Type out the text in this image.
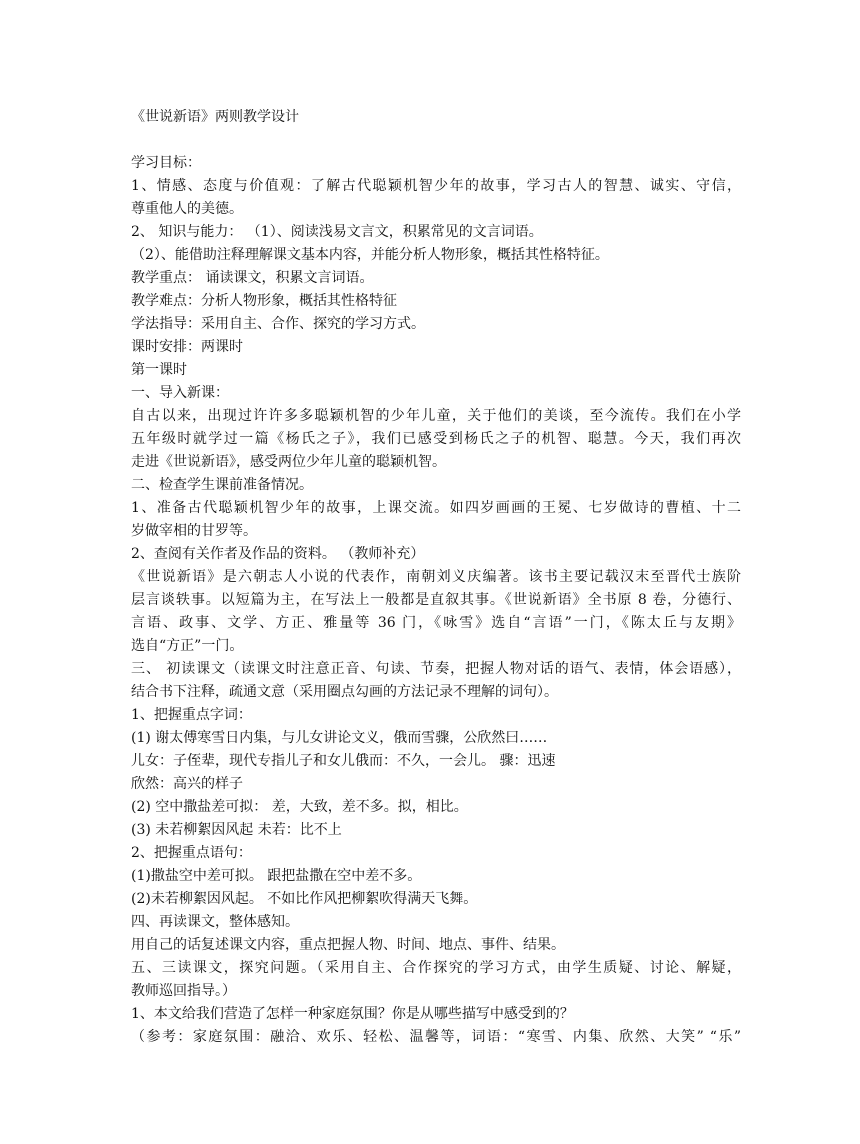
《世说新语》两则教学设计
学习目标：
1、情感、态度与价值观：了解古代聪颖机智少年的故事，学习古人的智慧、诚实、守信，
尊重他人的美德。
2、 知识与能力： （1）、阅读浅易文言文，积累常见的文言词语。
（2）、能借助注释理解课文基本内容，并能分析人物形象，概括其性格特征。
教学重点： 诵读课文，积累文言词语。
教学难点：分析人物形象，概括其性格特征
学法指导：采用自主、合作、探究的学习方式。
课时安排：两课时
第一课时
一、导入新课：
自古以来，出现过许许多多聪颖机智的少年儿童，关于他们的美谈，至今流传。我们在小学
五年级时就学过一篇《杨氏之子》，我们已感受到杨氏之子的机智、聪慧。今天，我们再次
走进《世说新语》，感受两位少年儿童的聪颖机智。
二、检查学生课前准备情况。
1、准备古代聪颖机智少年的故事，上课交流。如四岁画画的王冕、七岁做诗的曹植、十二
岁做宰相的甘罗等。
2、查阅有关作者及作品的资料。 （教师补充）
《世说新语》是六朝志人小说的代表作，南朝刘义庆编著。该书主要记载汉末至晋代士族阶
层言谈轶事。以短篇为主，在写法上一般都是直叙其事。《世说新语》全书原 8 卷，分德行、
言语、政事、文学、方正、雅量等 36 门，《咏雪》选自“言语”一门，《陈太丘与友期》
选自“方正”一门。
三、 初读课文（读课文时注意正音、句读、节奏，把握人物对话的语气、表情，体会语感），
结合书下注释，疏通文意（采用圈点勾画的方法记录不理解的词句）。
1、把握重点字词：
(1) 谢太傅寒雪日内集，与儿女讲论文义，俄而雪骤，公欣然曰……
儿女：子侄辈，现代专指儿子和女儿俄而：不久，一会儿。 骤：迅速
欣然：高兴的样子
(2) 空中撒盐差可拟： 差，大致，差不多。拟，相比。
(3) 未若柳絮因风起 未若：比不上
2、把握重点语句：
(1)撒盐空中差可拟。 跟把盐撒在空中差不多。
(2)未若柳絮因风起。 不如比作风把柳絮吹得满天飞舞。
四、再读课文，整体感知。
用自己的话复述课文内容，重点把握人物、时间、地点、事件、结果。
五、三读课文，探究问题。（采用自主、合作探究的学习方式，由学生质疑、讨论、解疑，
教师巡回指导。）
1、本文给我们营造了怎样一种家庭氛围？你是从哪些描写中感受到的？
（参考：家庭氛围：融洽、欢乐、轻松、温馨等，词语：“寒雪、内集、欣然、大笑” “乐”
